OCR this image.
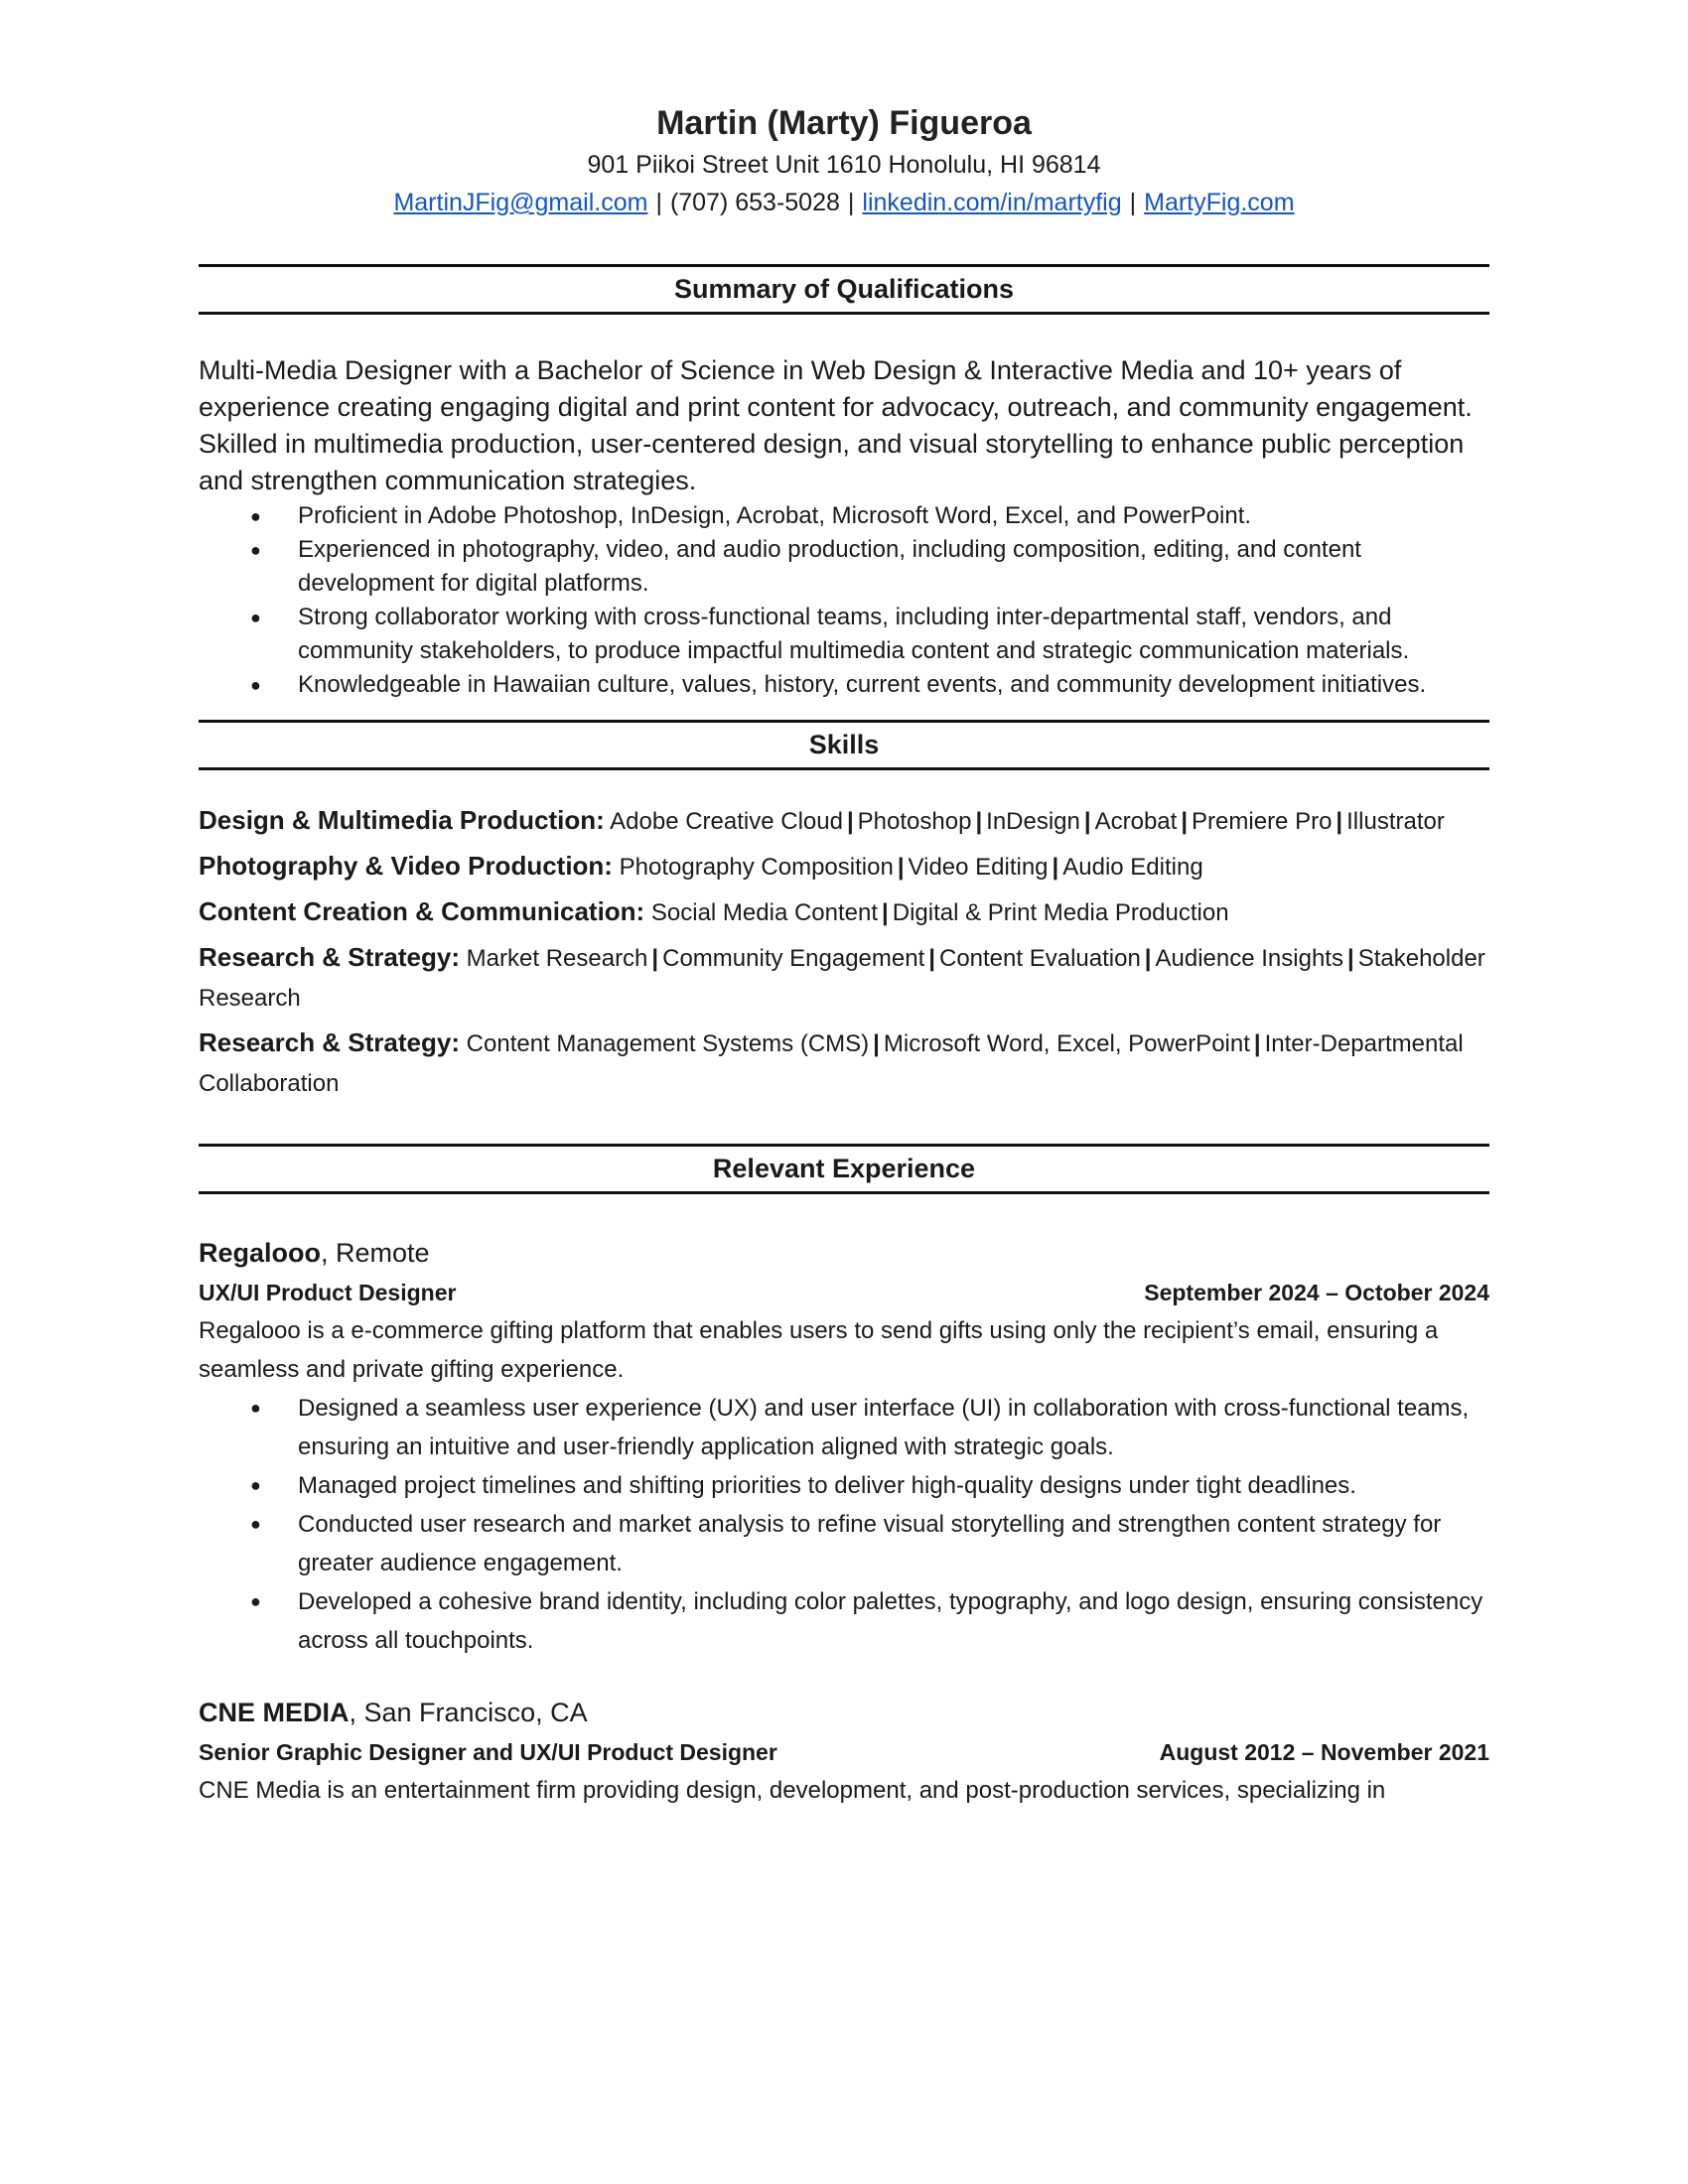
Martin (Marty) Figueroa
901 Piikoi Street Unit 1610 Honolulu, HI 96814
MartinJFig@gmail.com | (707) 653-5028 | linkedin.com/in/martyfig | MartyFig.com
Summary of Qualifications
Multi-Media Designer with a Bachelor of Science in Web Design & Interactive Media and 10+ years of experience creating engaging digital and print content for advocacy, outreach, and community engagement. Skilled in multimedia production, user-centered design, and visual storytelling to enhance public perception and strengthen communication strategies.
● Proficient in Adobe Photoshop, InDesign, Acrobat, Microsoft Word, Excel, and PowerPoint.
● Experienced in photography, video, and audio production, including composition, editing, and content development for digital platforms.
● Strong collaborator working with cross-functional teams, including inter-departmental staff, vendors, and community stakeholders, to produce impactful multimedia content and strategic communication materials.
● Knowledgeable in Hawaiian culture, values, history, current events, and community development initiatives.
Skills
Design & Multimedia Production: Adobe Creative Cloud | Photoshop | InDesign | Acrobat | Premiere Pro | Illustrator
Photography & Video Production: Photography Composition | Video Editing | Audio Editing
Content Creation & Communication: Social Media Content | Digital & Print Media Production
Research & Strategy: Market Research | Community Engagement | Content Evaluation | Audience Insights | Stakeholder Research
Research & Strategy: Content Management Systems (CMS) | Microsoft Word, Excel, PowerPoint | Inter-Departmental Collaboration
Relevant Experience
Regalooo, Remote
UX/UI Product Designer	September 2024 – October 2024
Regalooo is a e-commerce gifting platform that enables users to send gifts using only the recipient’s email, ensuring a seamless and private gifting experience.
● Designed a seamless user experience (UX) and user interface (UI) in collaboration with cross-functional teams, ensuring an intuitive and user-friendly application aligned with strategic goals.
● Managed project timelines and shifting priorities to deliver high-quality designs under tight deadlines.
● Conducted user research and market analysis to refine visual storytelling and strengthen content strategy for greater audience engagement.
● Developed a cohesive brand identity, including color palettes, typography, and logo design, ensuring consistency across all touchpoints.
CNE MEDIA, San Francisco, CA
Senior Graphic Designer and UX/UI Product Designer	August 2012 – November 2021
CNE Media is an entertainment firm providing design, development, and post-production services, specializing in
